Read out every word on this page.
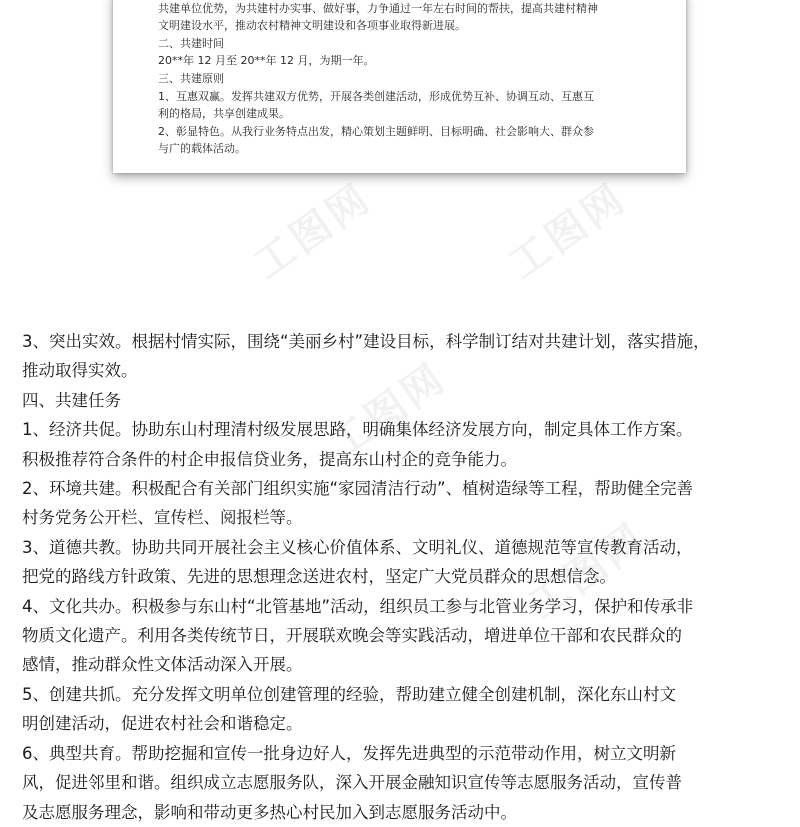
共建单位优势，为共建村办实事、做好事，力争通过一年左右时间的帮扶，提高共建村精神
文明建设水平，推动农村精神文明建设和各项事业取得新进展。
二、共建时间
20**年 12 月至 20**年 12 月，为期一年。
三、共建原则
1、互惠双赢。发挥共建双方优势，开展各类创建活动，形成优势互补、协调互动、互惠互
利的格局，共享创建成果。
2、彰显特色。从我行业务特点出发，精心策划主题鲜明、目标明确、社会影响大、群众参
与广的载体活动。
3、突出实效。根据村情实际，围绕“美丽乡村”建设目标，科学制订结对共建计划，落实措施，
推动取得实效。
四、共建任务
1、经济共促。协助东山村理清村级发展思路，明确集体经济发展方向，制定具体工作方案。
积极推荐符合条件的村企申报信贷业务，提高东山村企的竞争能力。
2、环境共建。积极配合有关部门组织实施“家园清洁行动”、植树造绿等工程，帮助健全完善
村务党务公开栏、宣传栏、阅报栏等。
3、道德共教。协助共同开展社会主义核心价值体系、文明礼仪、道德规范等宣传教育活动，
把党的路线方针政策、先进的思想理念送进农村，坚定广大党员群众的思想信念。
4、文化共办。积极参与东山村“北管基地”活动，组织员工参与北管业务学习，保护和传承非
物质文化遗产。利用各类传统节日，开展联欢晚会等实践活动，增进单位干部和农民群众的
感情，推动群众性文体活动深入开展。
5、创建共抓。充分发挥文明单位创建管理的经验，帮助建立健全创建机制，深化东山村文
明创建活动，促进农村社会和谐稳定。
6、典型共育。帮助挖掘和宣传一批身边好人，发挥先进典型的示范带动作用，树立文明新
风，促进邻里和谐。组织成立志愿服务队，深入开展金融知识宣传等志愿服务活动，宣传普
及志愿服务理念，影响和带动更多热心村民加入到志愿服务活动中。
工图网	工图网
工图网
工图网
